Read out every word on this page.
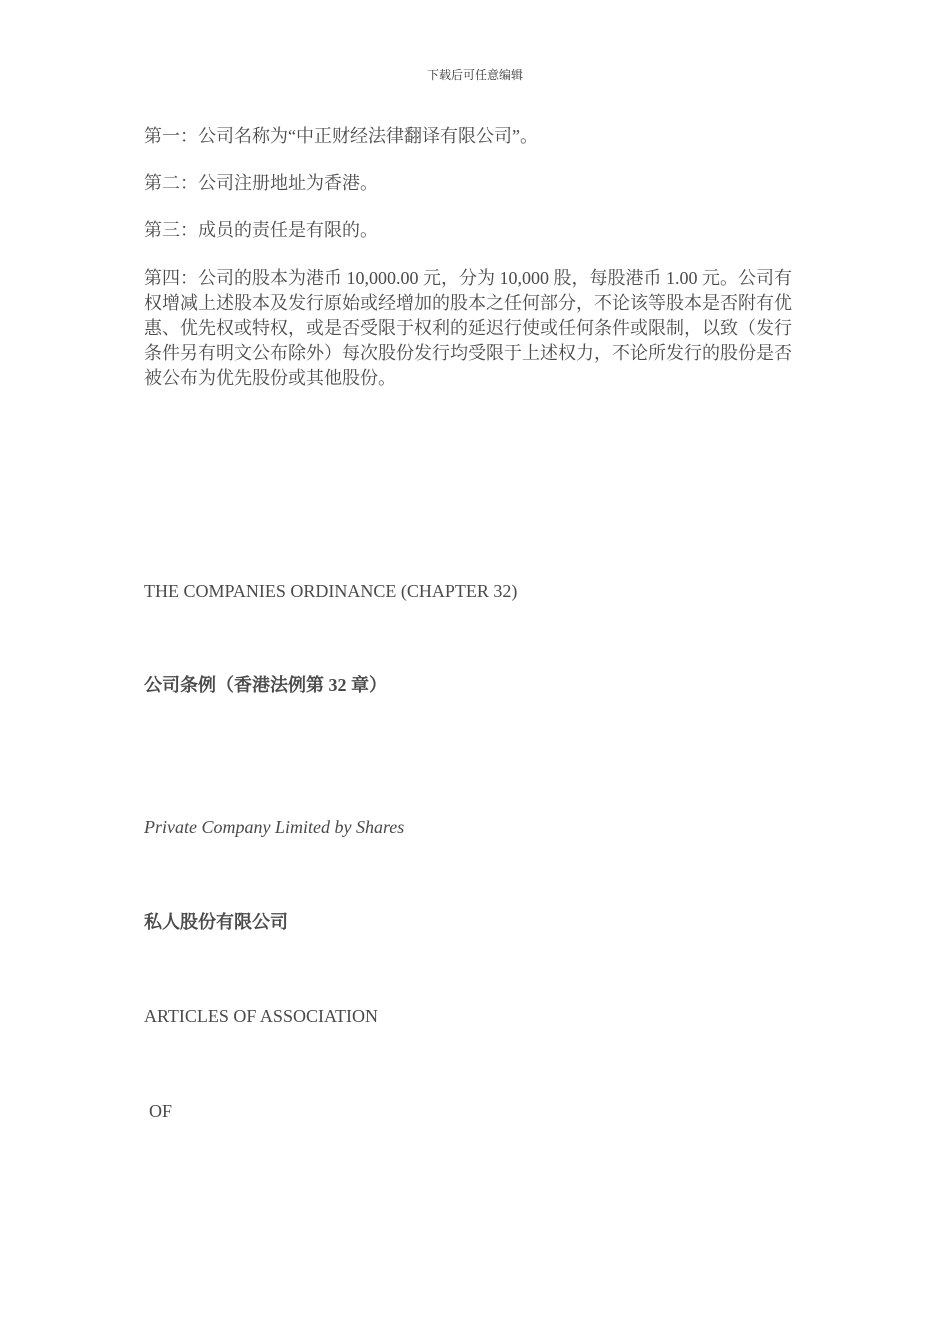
下载后可任意编辑

第一：公司名称为“中正财经法律翻译有限公司”。

第二：公司注册地址为香港。

第三：成员的责任是有限的。

第四：公司的股本为港币 10,000.00 元，分为 10,000 股，每股港币 1.00 元。公司有权增减上述股本及发行原始或经增加的股本之任何部分，不论该等股本是否附有优惠、优先权或特权，或是否受限于权利的延迟行使或任何条件或限制，以致（发行条件另有明文公布除外）每次股份发行均受限于上述权力，不论所发行的股份是否被公布为优先股份或其他股份。

THE COMPANIES ORDINANCE (CHAPTER 32)

公司条例（香港法例第 32 章）

Private Company Limited by Shares

私人股份有限公司

ARTICLES OF ASSOCIATION

OF
